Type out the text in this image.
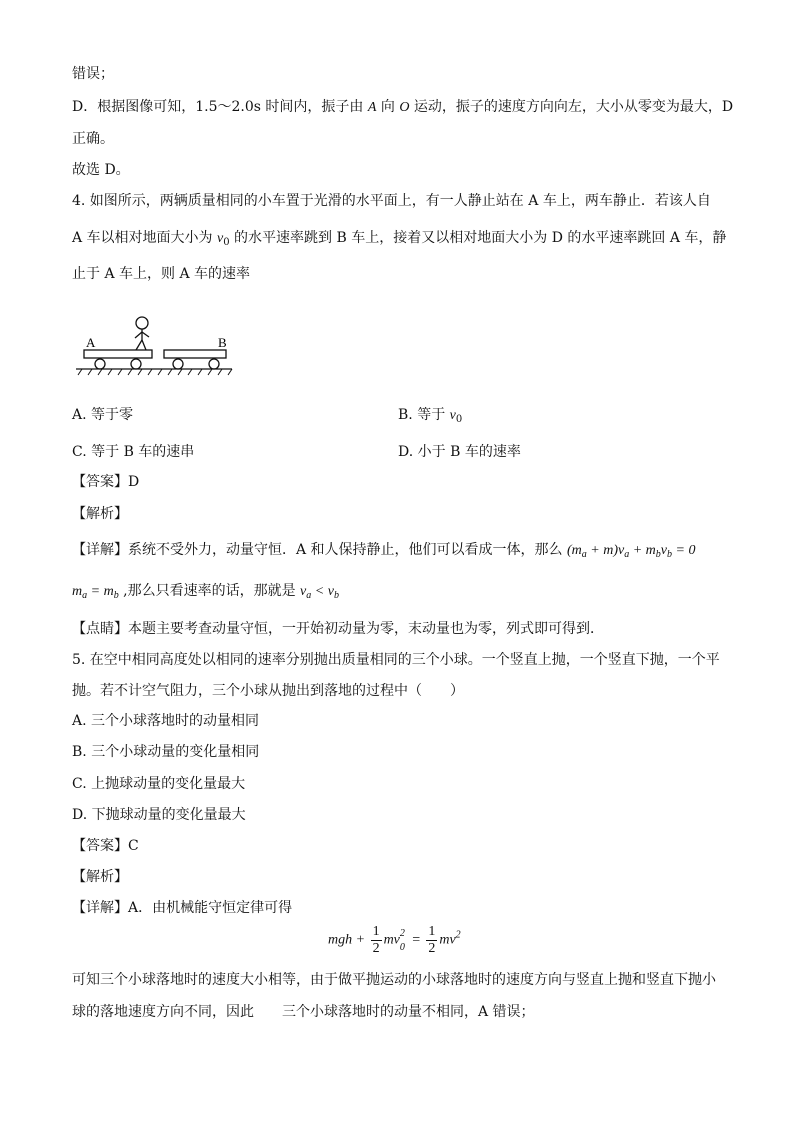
错误；
D．根据图像可知，1.5～2.0s 时间内，振子由 A 向 O 运动，振子的速度方向向左，大小从零变为最大，D
正确。
故选 D。
4. 如图所示，两辆质量相同的小车置于光滑的水平面上，有一人静止站在 A 车上，两车静止．若该人自
A 车以相对地面大小为 $v_0$ 的水平速率跳到 B 车上，接着又以相对地面大小为 D 的水平速率跳回 A 车，静
止于 A 车上，则 A 车的速率
A	B
A. 等于零	B. 等于 $v_0$
C. 等于 B 车的速串	D. 小于 B 车的速率
【答案】D
【解析】
【详解】系统不受外力，动量守恒．A 和人保持静止，他们可以看成一体，那么 $(m_a + m)v_a + m_bv_b = 0$
$m_a = m_b$ ,那么只看速率的话，那就是 $v_a < v_b$
【点睛】本题主要考查动量守恒，一开始初动量为零，末动量也为零，列式即可得到．
5. 在空中相同高度处以相同的速率分别抛出质量相同的三个小球。一个竖直上抛，一个竖直下抛，一个平
抛。若不计空气阻力，三个小球从抛出到落地的过程中（　　）
A. 三个小球落地时的动量相同
B. 三个小球动量的变化量相同
C. 上抛球动量的变化量最大
D. 下抛球动量的变化量最大
【答案】C
【解析】
【详解】A．由机械能守恒定律可得
mgh + $\frac{1}{2}$ mv 2
$0 = \frac{1}{2} mv^2$
可知三个小球落地时的速度大小相等，由于做平抛运动的小球落地时的速度方向与竖直上抛和竖直下抛小
球的落地速度方向不同，因此　　三个小球落地时的动量不相同，A 错误；
